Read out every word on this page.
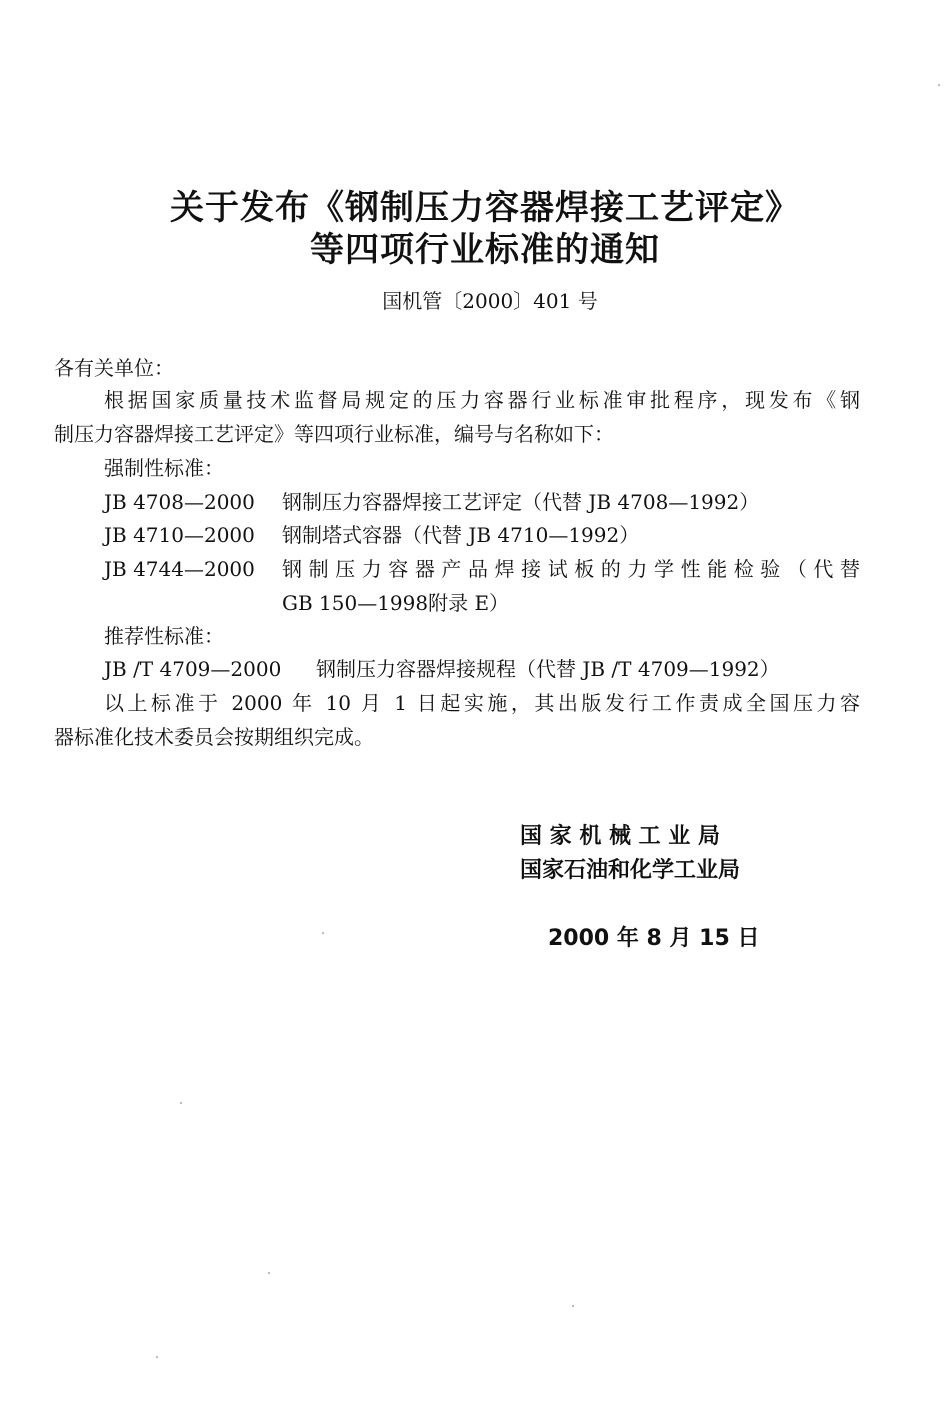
关于发布《钢制压力容器焊接工艺评定》
等四项行业标准的通知
国机管〔2000〕401 号
各有关单位：
根据国家质量技术监督局规定的压力容器行业标准审批程序，现发布《钢
制压力容器焊接工艺评定》等四项行业标准，编号与名称如下：
强制性标准：
JB 4708—2000 钢制压力容器焊接工艺评定（代替 JB 4708—1992）
JB 4710—2000 钢制塔式容器（代替 JB 4710—1992）
JB 4744—2000 钢制压力容器产品焊接试板的力学性能检验（代替
GB 150—1998附录 E）
推荐性标准：
JB /T 4709—2000 钢制压力容器焊接规程（代替 JB /T 4709—1992）
以上标准于 2000 年 10 月 1 日起实施，其出版发行工作责成全国压力容
器标准化技术委员会按期组织完成。
国 家 机 械 工 业 局
国家石油和化学工业局
2000 年 8 月 15 日
